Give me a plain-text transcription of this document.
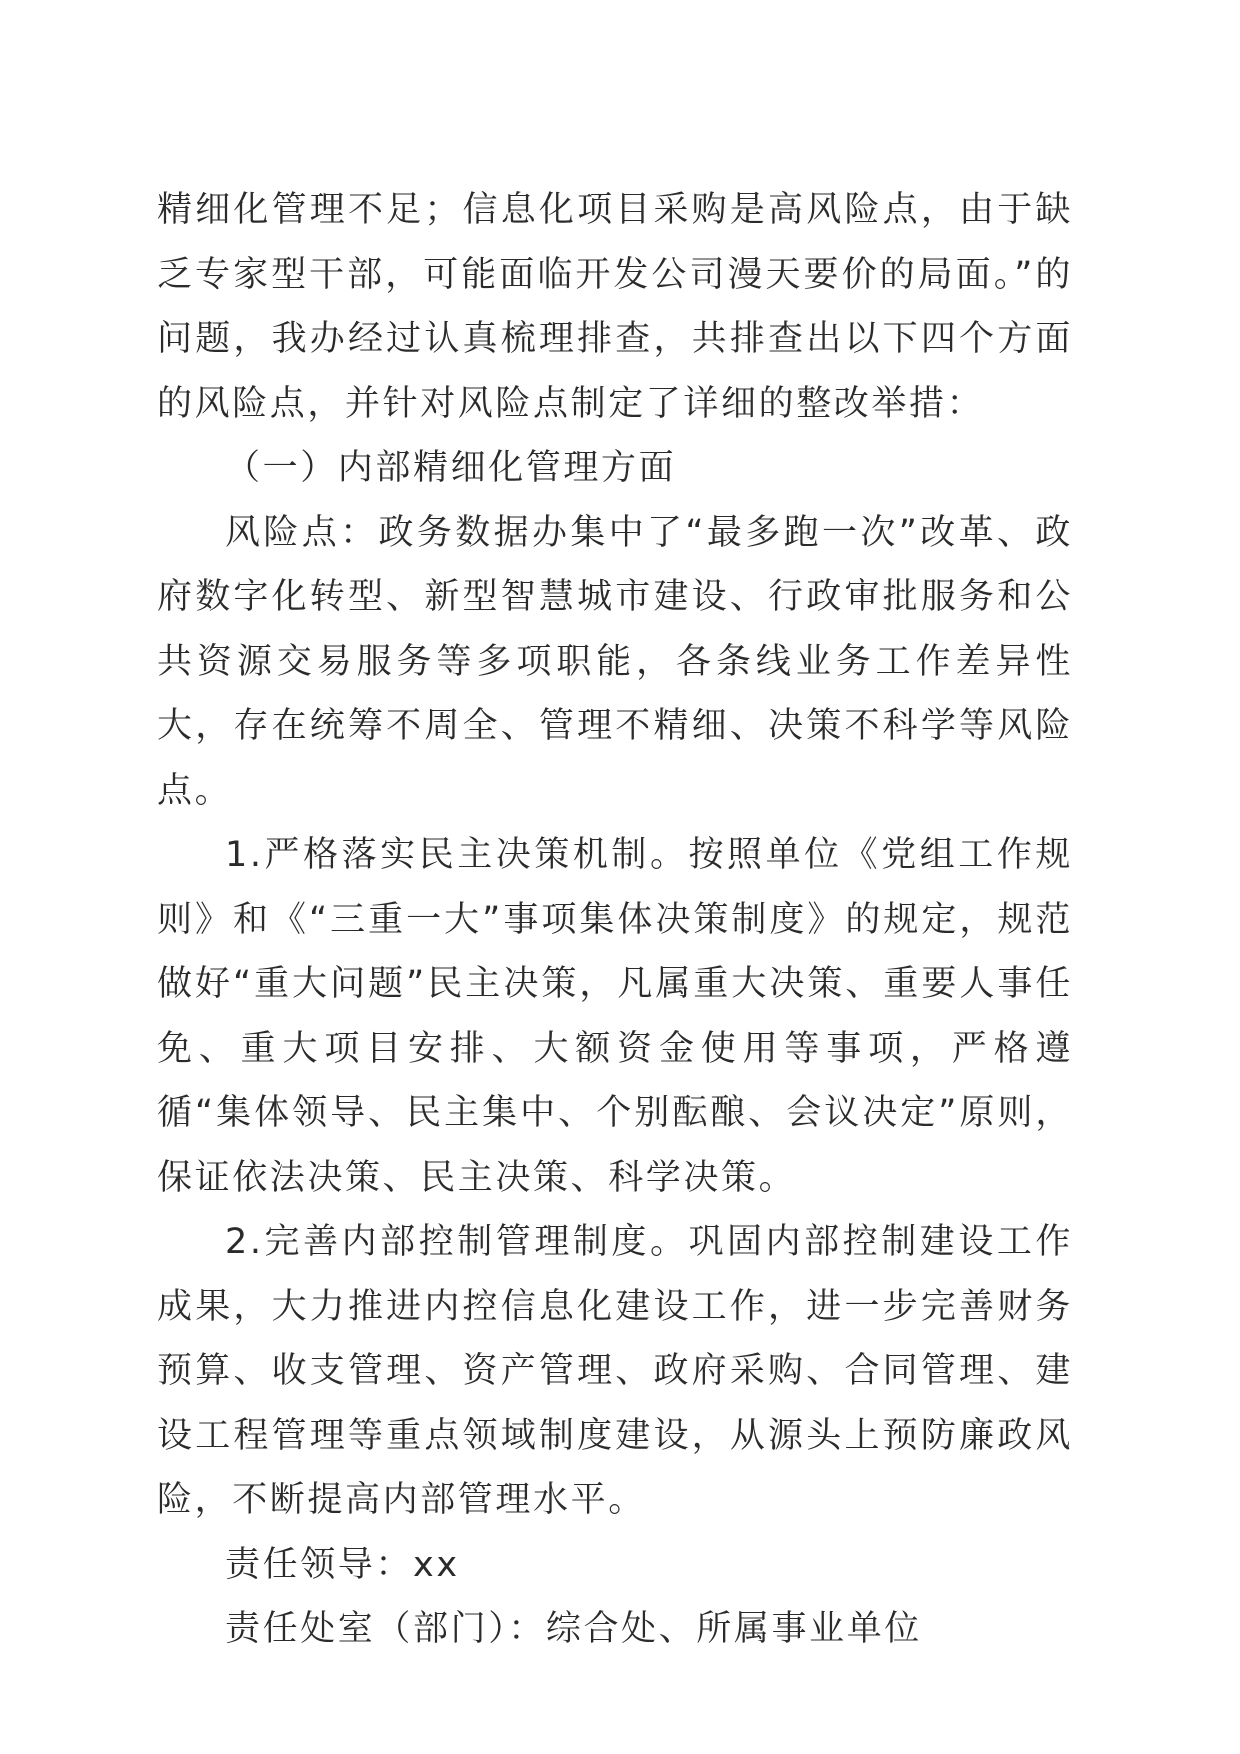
精细化管理不足；信息化项目采购是高风险点，由于缺乏专家型干部，可能面临开发公司漫天要价的局面。”的问题，我办经过认真梳理排查，共排查出以下四个方面的风险点，并针对风险点制定了详细的整改举措：

（一）内部精细化管理方面

风险点：政务数据办集中了“最多跑一次”改革、政府数字化转型、新型智慧城市建设、行政审批服务和公共资源交易服务等多项职能，各条线业务工作差异性大，存在统筹不周全、管理不精细、决策不科学等风险点。

1.严格落实民主决策机制。按照单位《党组工作规则》和《“三重一大”事项集体决策制度》的规定，规范做好“重大问题”民主决策，凡属重大决策、重要人事任免、重大项目安排、大额资金使用等事项，严格遵循“集体领导、民主集中、个别酝酿、会议决定”原则，保证依法决策、民主决策、科学决策。

2.完善内部控制管理制度。巩固内部控制建设工作成果，大力推进内控信息化建设工作，进一步完善财务预算、收支管理、资产管理、政府采购、合同管理、建设工程管理等重点领域制度建设，从源头上预防廉政风险，不断提高内部管理水平。

责任领导：xx

责任处室（部门）：综合处、所属事业单位
